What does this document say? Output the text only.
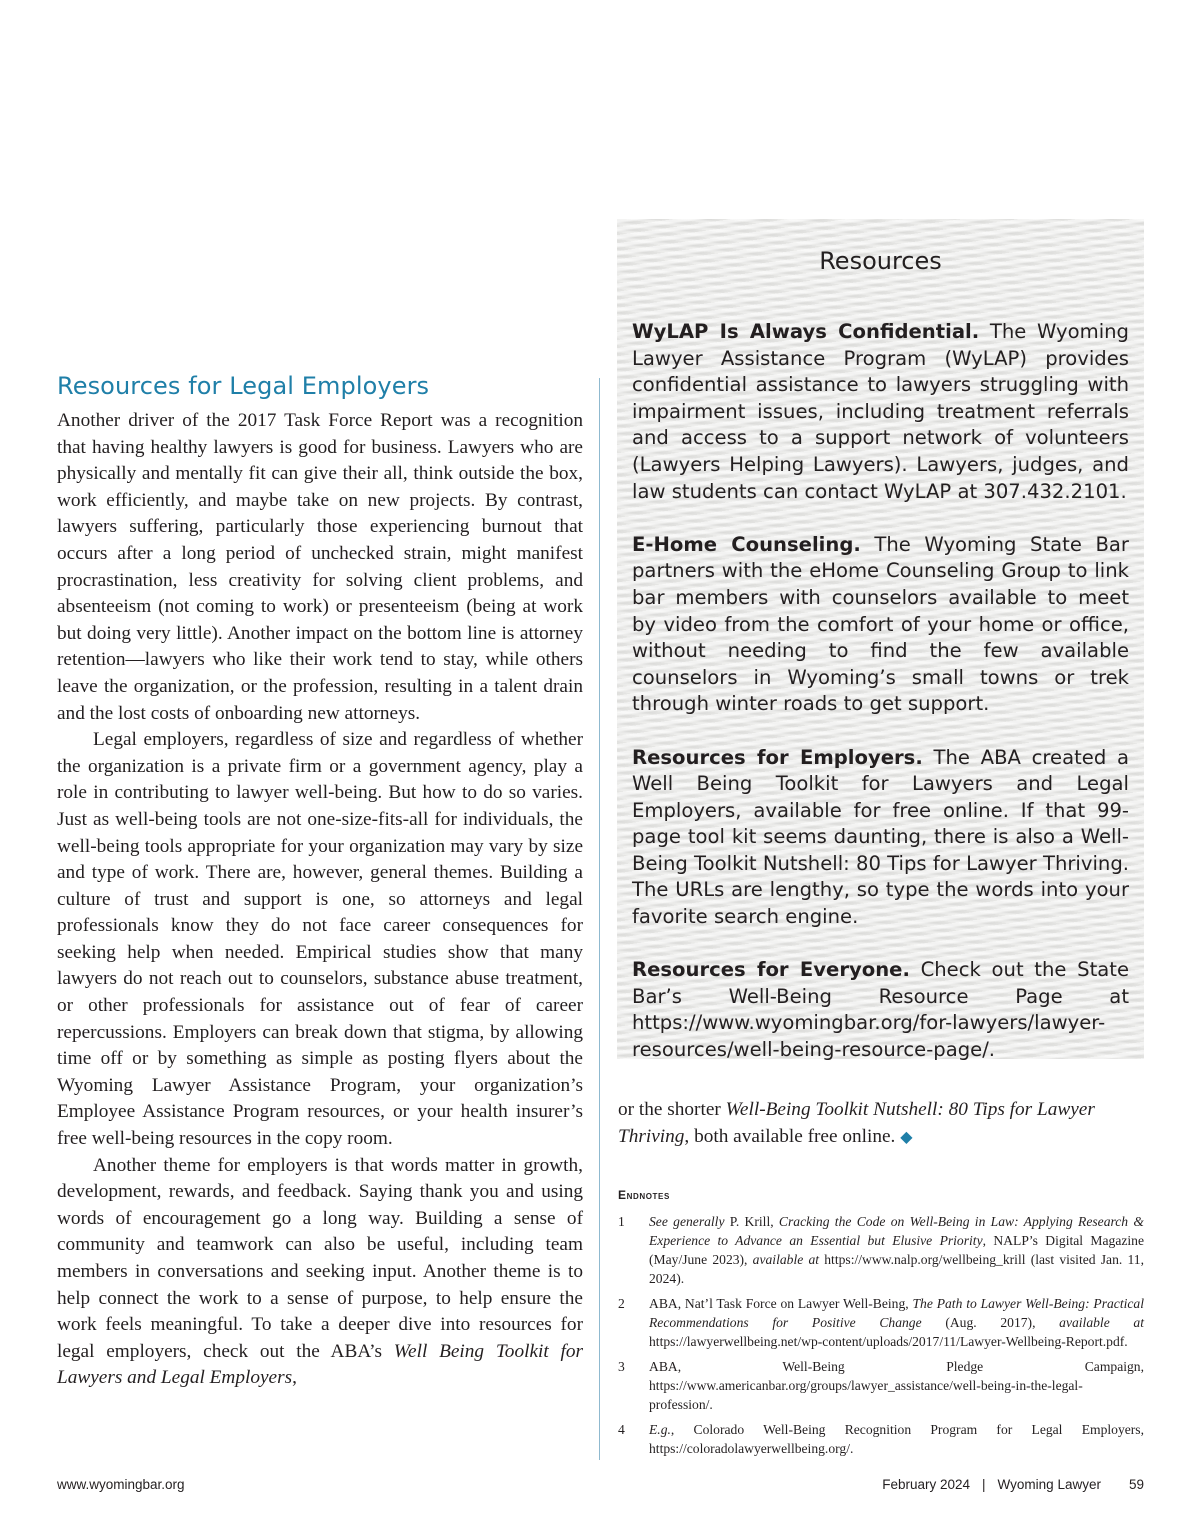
Resources for Legal Employers

Another driver of the 2017 Task Force Report was a recognition that having healthy lawyers is good for business. Lawyers who are physically and mentally fit can give their all, think outside the box, work efficiently, and maybe take on new projects. By contrast, lawyers suffering, particularly those experiencing burnout that occurs after a long period of unchecked strain, might manifest procrastination, less creativity for solving client problems, and absenteeism (not coming to work) or presenteeism (being at work but doing very little). Another impact on the bottom line is attorney retention—lawyers who like their work tend to stay, while others leave the organization, or the profession, resulting in a talent drain and the lost costs of onboarding new attorneys.

Legal employers, regardless of size and regardless of whether the organization is a private firm or a government agency, play a role in contributing to lawyer well-being. But how to do so varies. Just as well-being tools are not one-size-fits-all for individuals, the well-being tools appropriate for your organization may vary by size and type of work. There are, however, general themes. Building a culture of trust and support is one, so attorneys and legal professionals know they do not face career consequences for seeking help when needed. Empirical studies show that many lawyers do not reach out to counselors, substance abuse treatment, or other professionals for assistance out of fear of career repercussions. Employers can break down that stigma, by allowing time off or by something as simple as posting flyers about the Wyoming Lawyer Assistance Program, your organization’s Employee Assistance Program resources, or your health insurer’s free well-being resources in the copy room.

Another theme for employers is that words matter in growth, development, rewards, and feedback. Saying thank you and using words of encouragement go a long way. Building a sense of community and teamwork can also be useful, including team members in conversations and seeking input. Another theme is to help connect the work to a sense of purpose, to help ensure the work feels meaningful. To take a deeper dive into resources for legal employers, check out the ABA’s Well Being Toolkit for Lawyers and Legal Employers,

Resources

WyLAP Is Always Confidential. The Wyoming Lawyer Assistance Program (WyLAP) provides confidential assistance to lawyers struggling with impairment issues, including treatment referrals and access to a support network of volunteers (Lawyers Helping Lawyers). Lawyers, judges, and law students can contact WyLAP at 307.432.2101.

E-Home Counseling. The Wyoming State Bar partners with the eHome Counseling Group to link bar members with counselors available to meet by video from the comfort of your home or office, without needing to find the few available counselors in Wyoming’s small towns or trek through winter roads to get support.

Resources for Employers. The ABA created a Well Being Toolkit for Lawyers and Legal Employers, available for free online. If that 99-page tool kit seems daunting, there is also a Well-Being Toolkit Nutshell: 80 Tips for Lawyer Thriving. The URLs are lengthy, so type the words into your favorite search engine.

Resources for Everyone. Check out the State Bar’s Well-Being Resource Page at https://www.wyomingbar.org/for-lawyers/lawyer-resources/well-being-resource-page/.

or the shorter Well-Being Toolkit Nutshell: 80 Tips for Lawyer Thriving, both available free online. ◆

Endnotes

1 See generally P. Krill, Cracking the Code on Well-Being in Law: Applying Research & Experience to Advance an Essential but Elusive Priority, NALP’s Digital Magazine (May/June 2023), available at https://www.nalp.org/wellbeing_krill (last visited Jan. 11, 2024).

2 ABA, Nat’l Task Force on Lawyer Well-Being, The Path to Lawyer Well-Being: Practical Recommendations for Positive Change (Aug. 2017), available at https://lawyerwellbeing.net/wp-content/uploads/2017/11/Lawyer-Wellbeing-Report.pdf.

3 ABA, Well-Being Pledge Campaign, https://www.americanbar.org/groups/lawyer_assistance/well-being-in-the-legal-profession/.

4 E.g., Colorado Well-Being Recognition Program for Legal Employers, https://coloradolawyerwellbeing.org/.

www.wyomingbar.org	February 2024 | Wyoming Lawyer 59
